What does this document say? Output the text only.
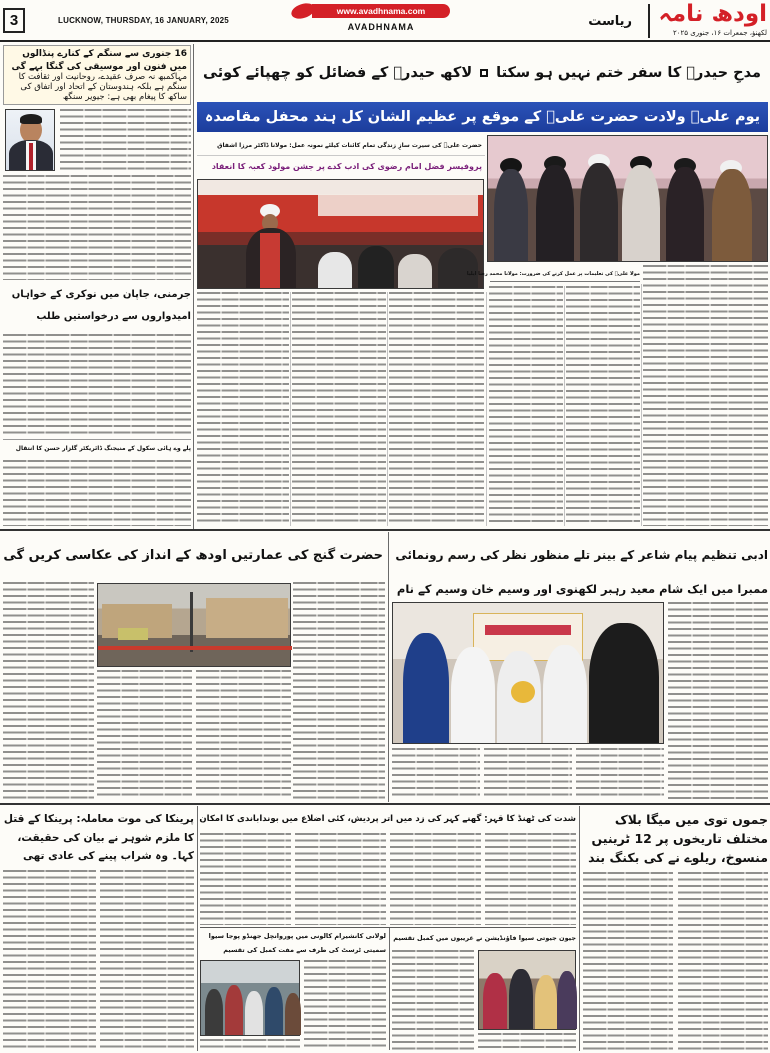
3	LUCKNOW, THURSDAY, 16 JANUARY, 2025
www.avadhnama.com
AVADHNAMA	ریاست اودھ نامہ
لکھنؤ، جمعرات ۱۶، جنوری ۲۰۲۵
16 جنوری سے سنگم کے کنارے پنڈالوں میں فنون اور موسیقی کی گنگا بہے گی
مہاکمبھ نہ صرف عقیدے، روحانیت اور ثقافت کا سنگم ہے بلکہ ہندوستان کے اتحاد اور اتفاق کی ساکھ کا پیغام بھی ہے: جیویر سنگھ
جرمنی، جاپان میں نوکری کے خواہاں امیدواروں سے درخواستیں طلب
پلے وے ہائی سکول کے منیجنگ ڈائریکٹر گلزار حسن کا انتقال
مدحِ حیدرؑ کا سفر ختم نہیں ہو سکتا
لاکھ حیدرؑ کے فضائل کو چھپائے کوئی
یوم علیؑ ولادت حضرت علیؑ کے موقع پر عظیم الشان کل ہند محفل مقاصدہ
حضرت علیؑ کی سیرت سازِ زندگی تمام کائنات کیلئے نمونہ عمل: مولانا ڈاکٹر مرزا اشفاق
پروفیسر فضل امام رضوی کی ادب کدے پر جشن مولود کعبہ کا انعقاد
مولا علیؑ کی تعلیمات پر عمل کرنے کی ضرورت: مولانا محمد رضا ایلیا
حضرت گنج کی عمارتیں اودھ کے انداز کی عکاسی کریں گی ادبی تنظیم پیام شاعر کے بینر تلے منظور نظر کی رسم رونمائی
ممبرا میں ایک شام معید رہبر لکھنوی اور وسیم خان وسیم کے نام
جموں توی میں میگا بلاک مختلف تاریخوں پر 12 ٹرینیں منسوخ، ریلوے نے کی بکنگ بند
شدت کی ٹھنڈ کا قہر: گھنے کہر کی زد میں اتر پردیش، کئی اضلاع میں بونداباندی کا امکان
جیون جیوتی سیوا فاؤنڈیشن نے غریبوں میں کمبل تقسیم
لولانی کانشیرام کالونی میں پوروانچل جھنڈو پوجا سیوا سمیتی ٹرسٹ کی طرف سے مفت کمبل کی تقسیم
پرینکا کی موت معاملہ: پرینکا کے قتل کا ملزم شوہر نے بیان کی حقیقت، کہا۔ وہ شراب پینے کی عادی تھی
